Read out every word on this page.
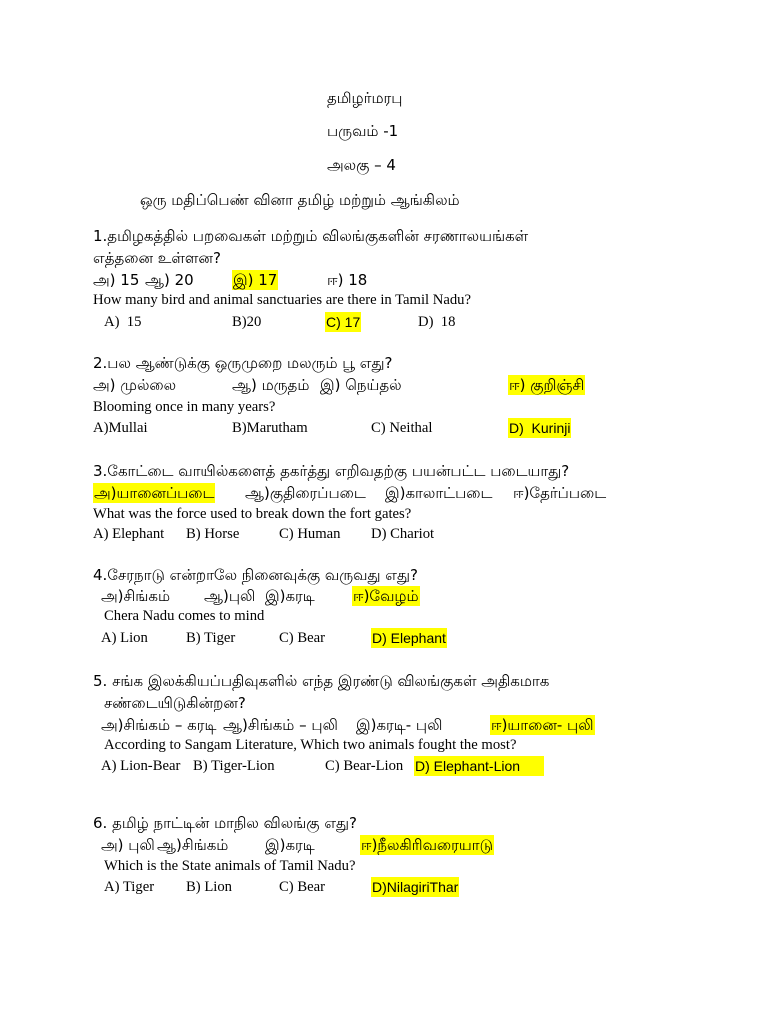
தமிழர்மரபு
பருவம் -1
அலகு – 4
ஒரு மதிப்பெண் வினா தமிழ் மற்றும் ஆங்கிலம்
1.தமிழகத்தில் பறவைகள் மற்றும் விலங்குகளின் சரணாலயங்கள்
எத்தனை உள்ளன?
அ) 15 ஆ) 20	இ) 17	ஈ) 18
How many bird and animal sanctuaries are there in Tamil Nadu?
A)  15	B)20	C) 17	D)  18
2.பல ஆண்டுக்கு ஒருமுறை மலரும் பூ எது?
அ) முல்லை	ஆ) மருதம் இ) நெய்தல்	ஈ) குறிஞ்சி
Blooming once in many years?
A)Mullai	B)Marutham	C) Neithal	D)  Kurinji
3.கோட்டை வாயில்களைத் தகர்த்து எறிவதற்கு பயன்பட்ட படையாது?
அ)யானைப்படை ஆ)குதிரைப்படை இ)காலாட்படை ஈ)தேர்ப்படை
What was the force used to break down the fort gates?
A) Elephant B) Horse	C) Human D) Chariot
4.சேரநாடு என்றாலே நினைவுக்கு வருவது எது?
அ)சிங்கம் ஆ)புலி இ)கரடி	ஈ)வேழம்
Chera Nadu comes to mind
A) Lion	B) Tiger	C) Bear	D) Elephant
5. சங்க இலக்கியப்பதிவுகளில் எந்த இரண்டு விலங்குகள் அதிகமாக
சண்டையிடுகின்றன?
அ)சிங்கம் – கரடி ஆ)சிங்கம் – புலி இ)கரடி- புலி	ஈ)யானை- புலி
According to Sangam Literature, Which two animals fought the most?
A) Lion-Bear B) Tiger-Lion	C) Bear-Lion D) Elephant-Lion
6. தமிழ் நாட்டின் மாநில விலங்கு எது?
அ) புலி ஆ)சிங்கம் இ)கரடி	ஈ)நீலகிரிவரையாடு
Which is the State animals of Tamil Nadu?
A) Tiger B) Lion	C) Bear	D)NilagiriThar
